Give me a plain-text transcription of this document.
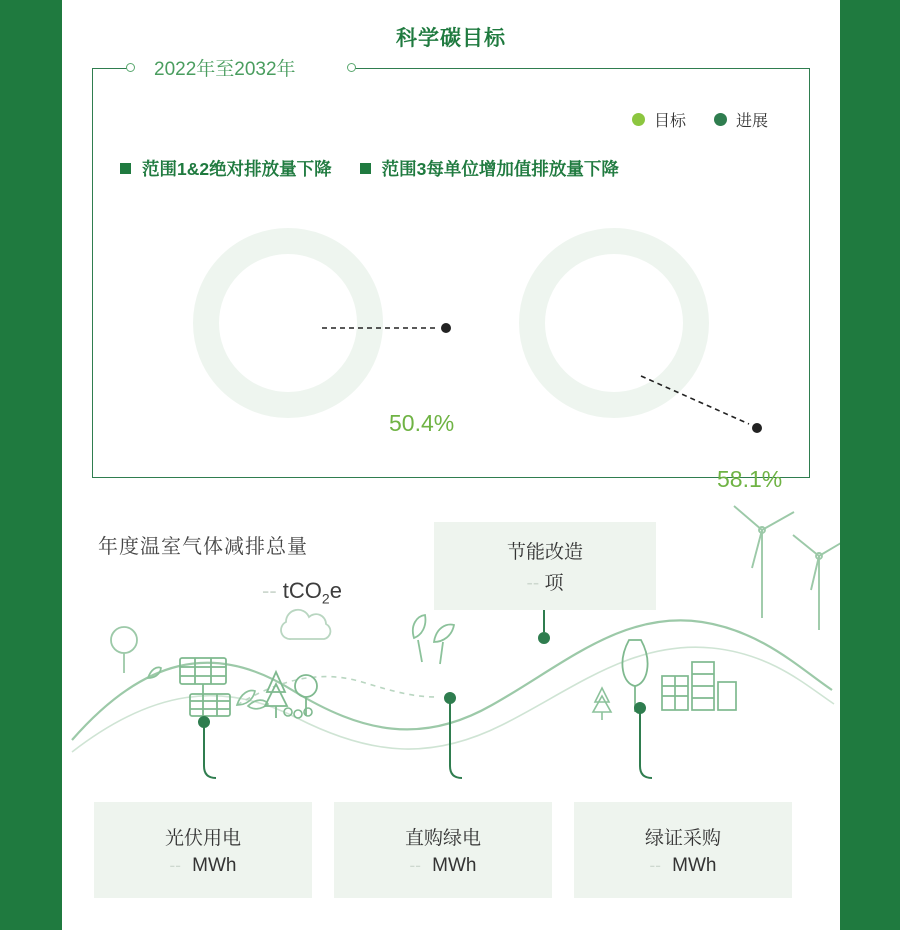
科学碳目标
2022年至2032年
目标	进展
范围1&2绝对排放量下降	范围3每单位增加值排放量下降
50.4%
58.1%
年度温室气体减排总量
-- tCO$_2$e
节能改造
-- 项
光伏用电
-- MWh
直购绿电
-- MWh
绿证采购
-- MWh
